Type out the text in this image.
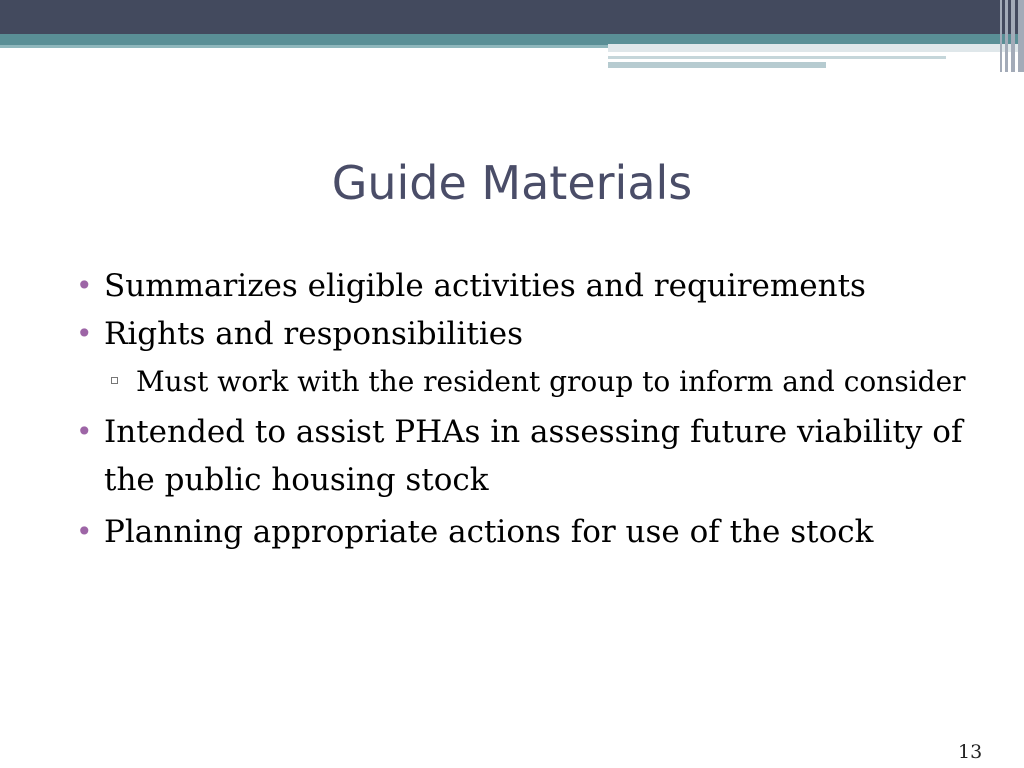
Guide Materials
• Summarizes eligible activities and requirements
• Rights and responsibilities
Must work with the resident group to inform and consider
• Intended to assist PHAs in assessing future viability of the public housing stock
• Planning appropriate actions for use of the stock
13
